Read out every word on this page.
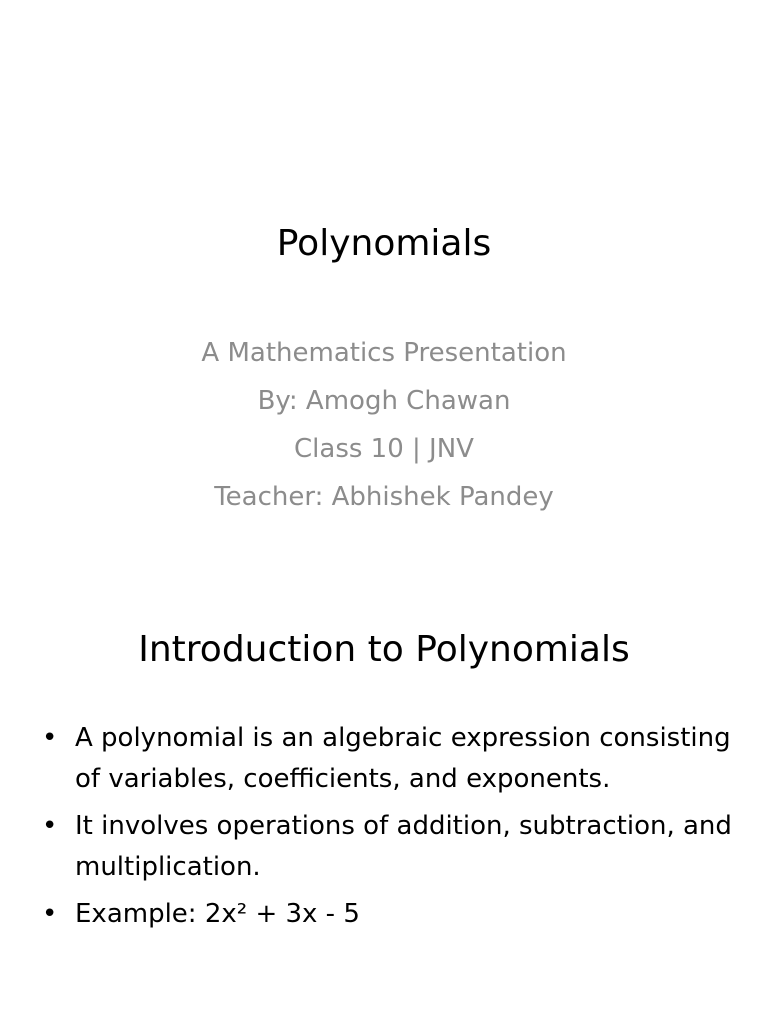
Polynomials
A Mathematics Presentation
By: Amogh Chawan
Class 10 | JNV
Teacher: Abhishek Pandey
Introduction to Polynomials
• A polynomial is an algebraic expression consisting of variables, coefficients, and exponents.
• It involves operations of addition, subtraction, and multiplication.
• Example: 2x² + 3x - 5
